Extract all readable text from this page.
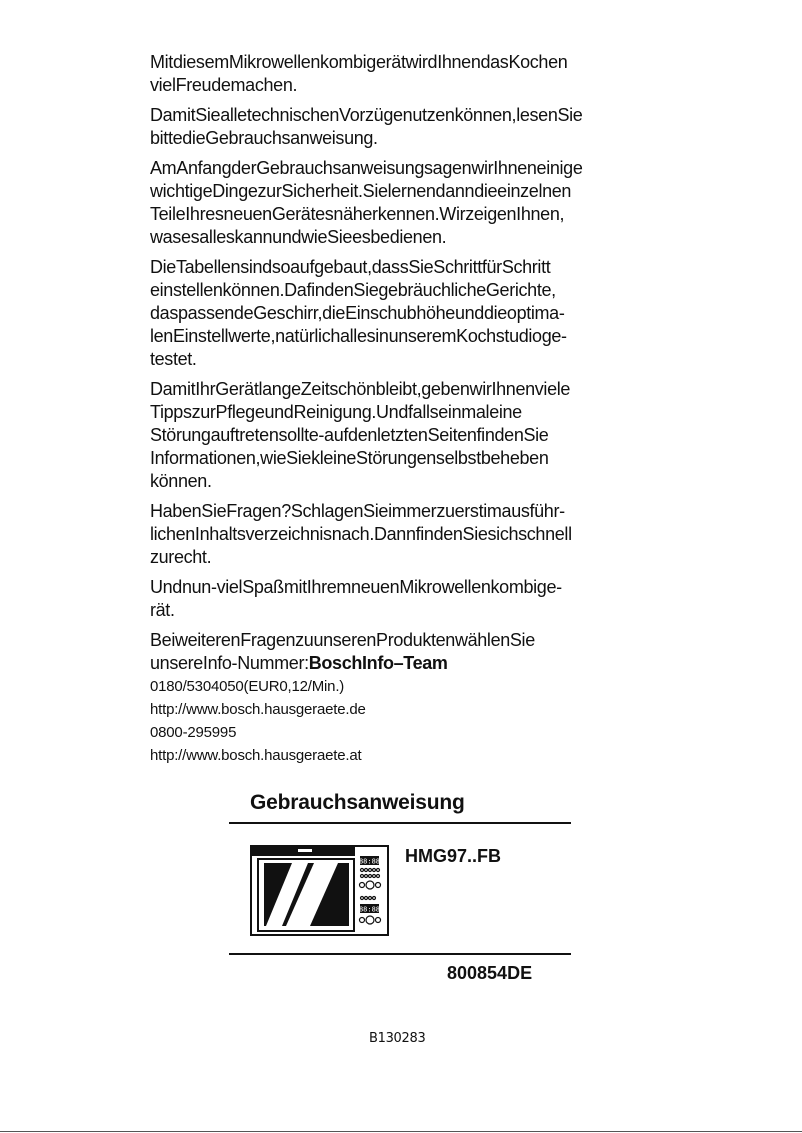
MitdiesemMikrowellenkombigerätwirdIhnendasKochen
vielFreudemachen.

DamitSiealletechnischenVorzügenutzenkönnen,lesenSie
bittedieGebrauchsanweisung.

AmAnfangderGebrauchsanweisungsagenwirIhneneinige
wichtigeDingezurSicherheit.Sielernendanndieeinzelnen
TeileIhresneuenGerätesnäherkennen.WirzeigenIhnen,
wasesalleskannundwieSieesbedienen.

DieTabellensindsoaufgebaut,dassSieSchrittfürSchritt
einstellenkönnen.DafindenSiegebräuchlicheGerichte,
daspassendeGeschirr,dieEinschubhöheunddieoptima-
lenEinstellwerte,natürlichallesinunseremKochstudioge-
testet.

DamitIhrGerätlangeZeitschönbleibt,gebenwirIhnenviele
TippszurPflegeundReinigung.Undfallseinmaleine
Störungauftretensollte-aufdenletztenSeitenfindenSie
Informationen,wieSiekleineStörungenselbstbeheben
können.

HabenSieFragen?SchlagenSieimmerzuerstimausführ-
lichenInhaltsverzeichnisnach.DannfindenSiesichschnell
zurecht.

Undnun-vielSpaßmitIhremneuenMikrowellenkombige-
rät.

BeiweiterenFragenzuunserenProduktenwählenSie
unsereInfo-Nummer:BoschInfo–Team
0180/5304050(EUR0,12/Min.)
http://www.bosch.hausgeraete.de
0800-295995
http://www.bosch.hausgeraete.at
Gebrauchsanweisung
88:88
88:88
HMG97..FB
800854DE
B130283
